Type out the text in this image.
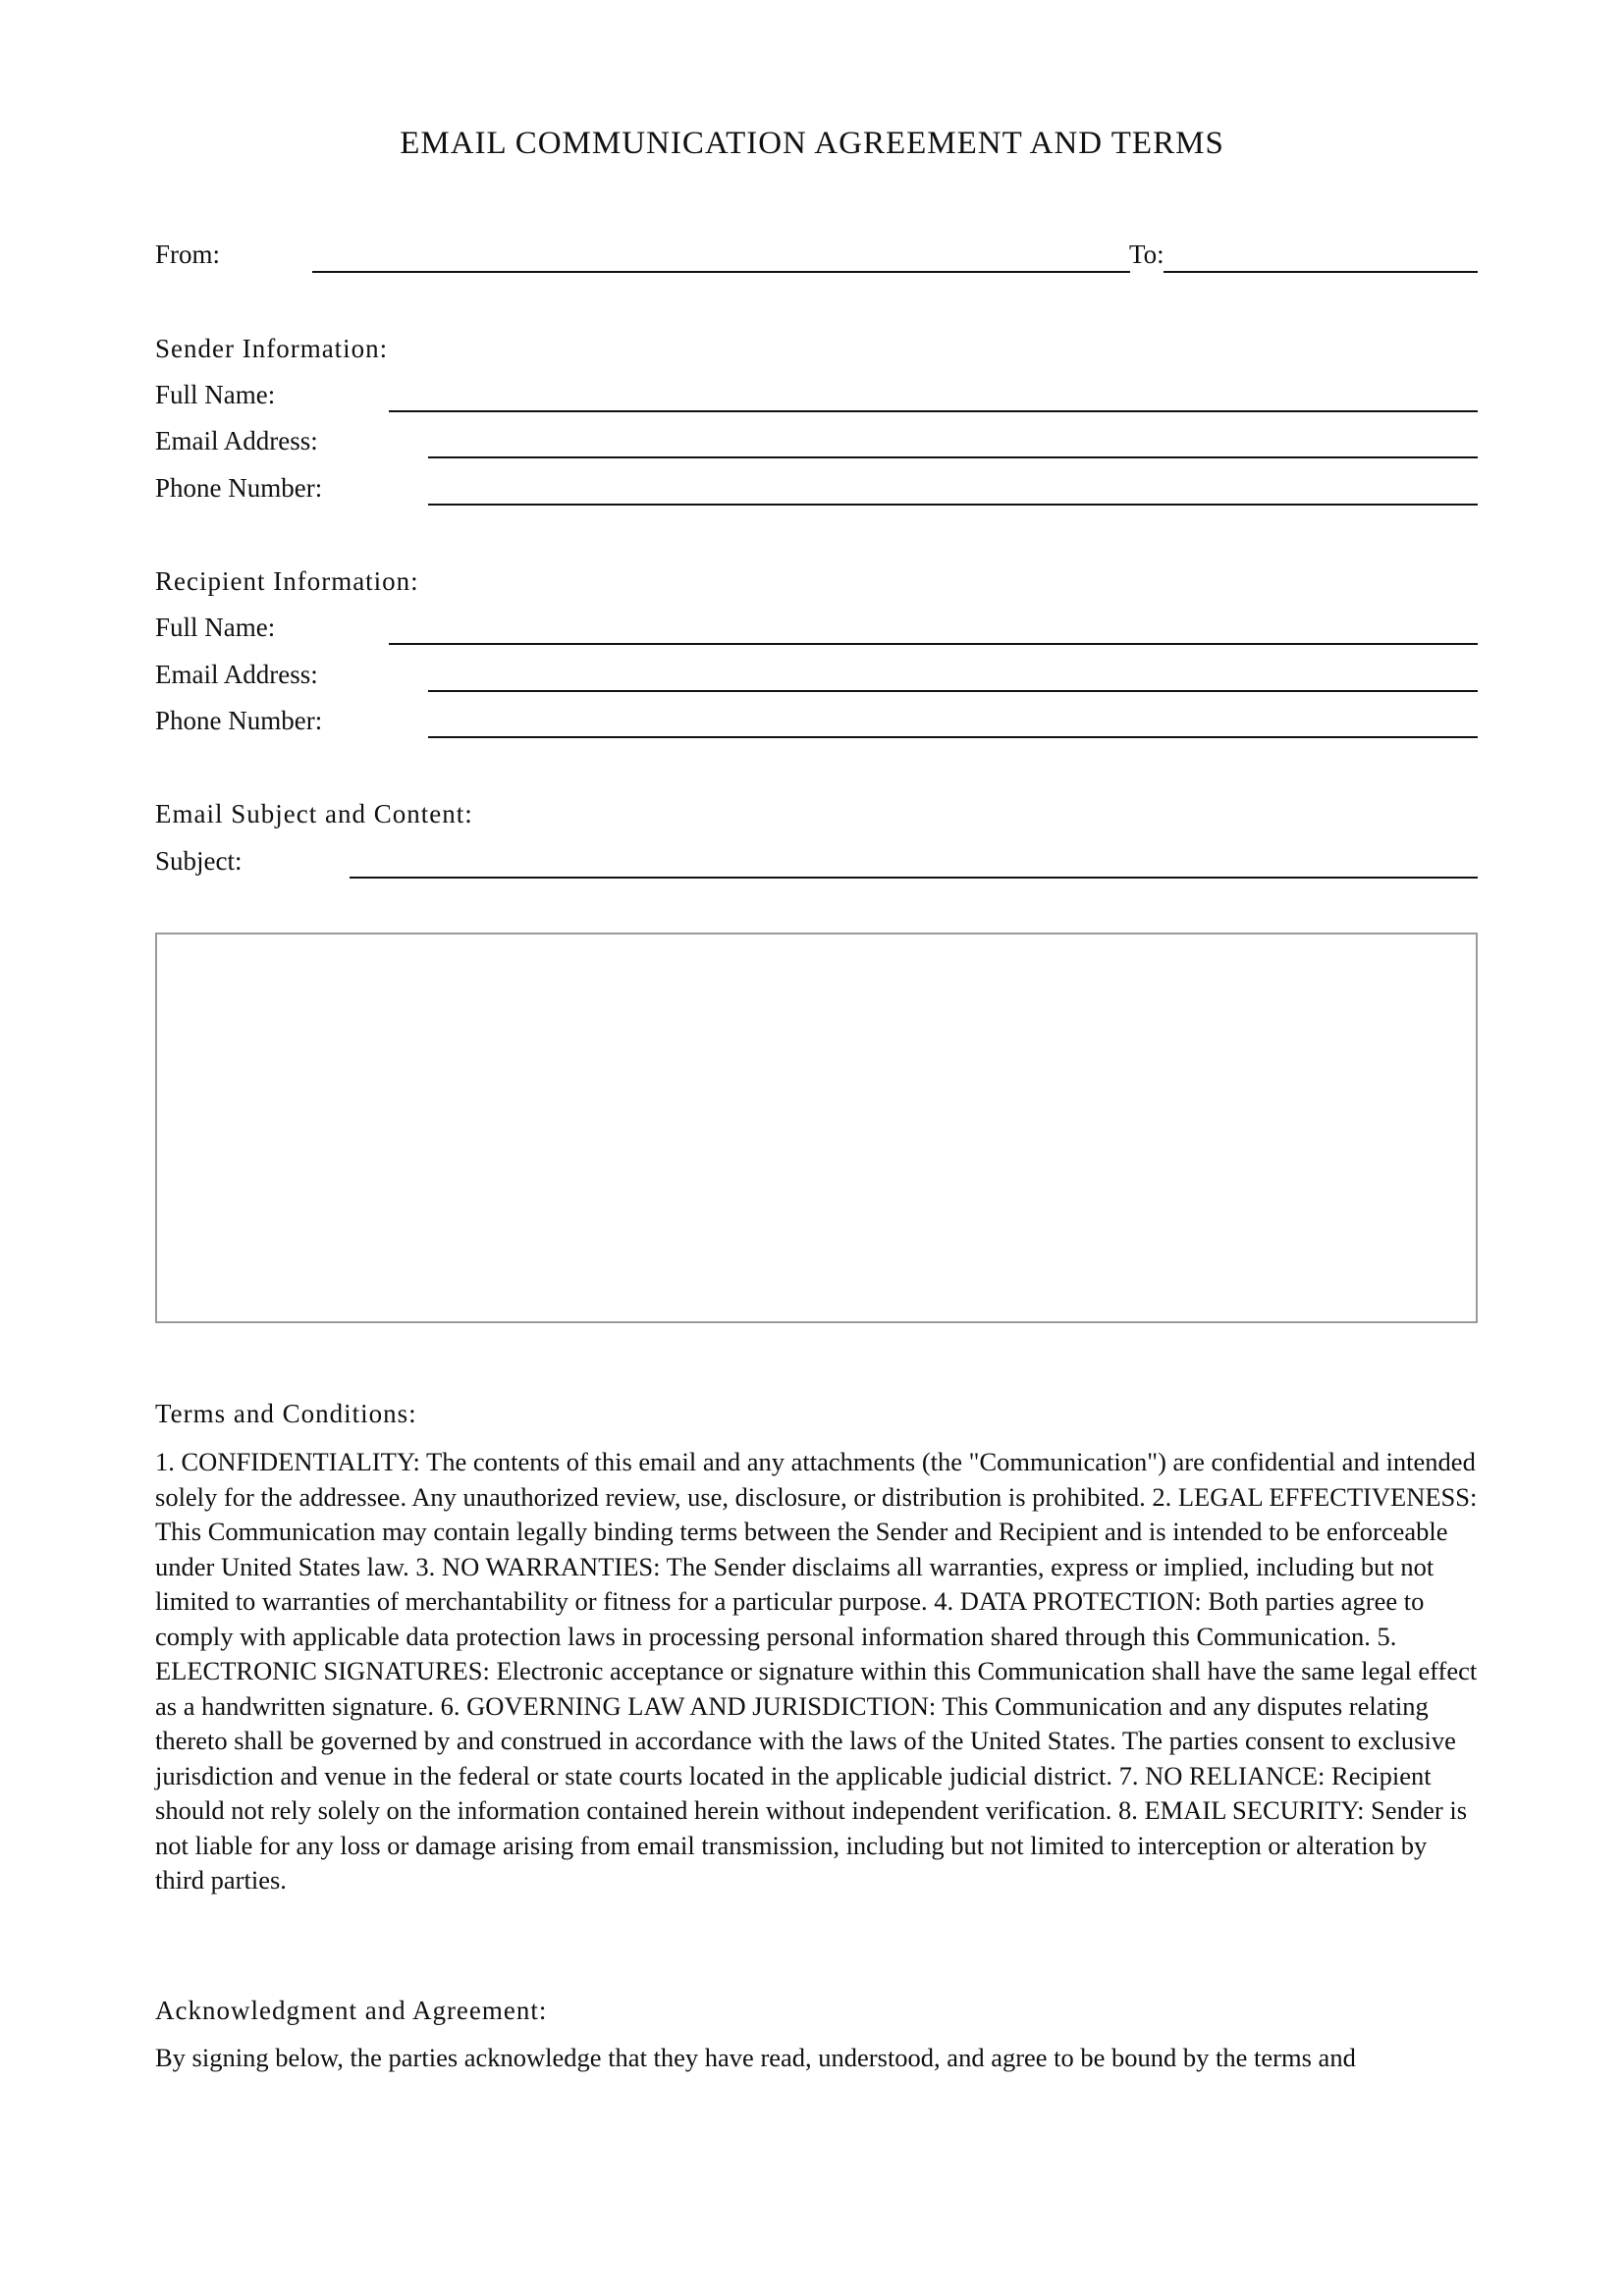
EMAIL COMMUNICATION AGREEMENT AND TERMS
From:	To:
Sender Information:
Full Name:
Email Address:
Phone Number:
Recipient Information:
Full Name:
Email Address:
Phone Number:
Email Subject and Content:
Subject:
Terms and Conditions:
1. CONFIDENTIALITY: The contents of this email and any attachments (the "Communication") are confidential and intended solely for the addressee. Any unauthorized review, use, disclosure, or distribution is prohibited. 2. LEGAL EFFECTIVENESS: This Communication may contain legally binding terms between the Sender and Recipient and is intended to be enforceable under United States law. 3. NO WARRANTIES: The Sender disclaims all warranties, express or implied, including but not limited to warranties of merchantability or fitness for a particular purpose. 4. DATA PROTECTION: Both parties agree to comply with applicable data protection laws in processing personal information shared through this Communication. 5. ELECTRONIC SIGNATURES: Electronic acceptance or signature within this Communication shall have the same legal effect as a handwritten signature. 6. GOVERNING LAW AND JURISDICTION: This Communication and any disputes relating thereto shall be governed by and construed in accordance with the laws of the United States. The parties consent to exclusive jurisdiction and venue in the federal or state courts located in the applicable judicial district. 7. NO RELIANCE: Recipient should not rely solely on the information contained herein without independent verification. 8. EMAIL SECURITY: Sender is not liable for any loss or damage arising from email transmission, including but not limited to interception or alteration by third parties.
Acknowledgment and Agreement:
By signing below, the parties acknowledge that they have read, understood, and agree to be bound by the terms and
